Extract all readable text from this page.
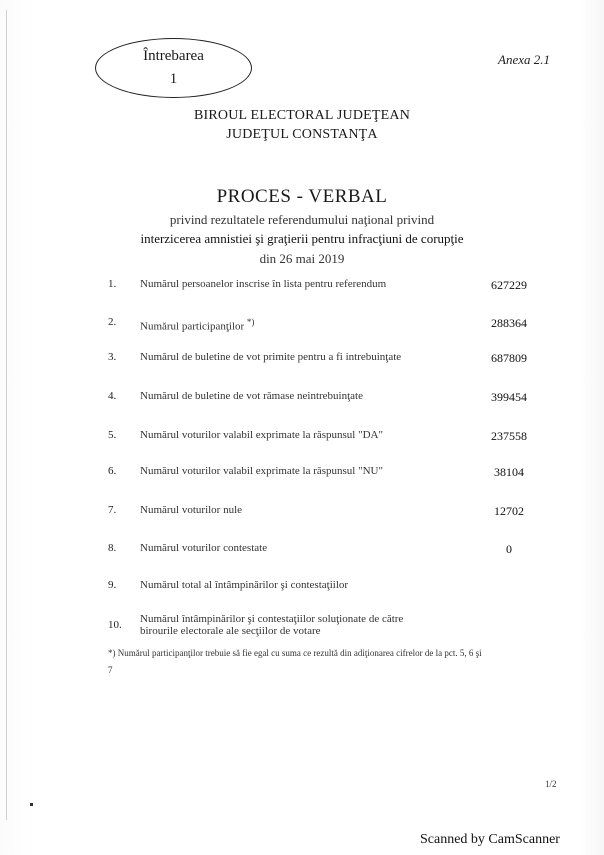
Întrebarea
1
Anexa 2.1
BIROUL ELECTORAL JUDEŢEAN
JUDEŢUL CONSTANŢA
PROCES - VERBAL
privind rezultatele referendumului naţional privind
interzicerea amnistiei şi graţierii pentru infracţiuni de corupţie
din 26 mai 2019
1. Numărul persoanelor inscrise în lista pentru referendum	627229
2. Numărul participanţilor *)	288364
3. Numărul de buletine de vot primite pentru a fi intrebuinţate	687809
4. Numărul de buletine de vot rămase neintrebuinţate	399454
5. Numărul voturilor valabil exprimate la răspunsul "DA"	237558
6. Numărul voturilor valabil exprimate la răspunsul "NU"	38104
7. Numărul voturilor nule	12702
8. Numărul voturilor contestate	0
9. Numărul total al întâmpinărilor şi contestaţiilor
10. Numărul întâmpinărilor şi contestaţiilor soluţionate de către birourile electorale ale secţiilor de votare
*) Numărul participanţilor trebuie să fie egal cu suma ce rezultă din adiţionarea cifrelor de la pct. 5, 6 şi 7
1/2
Scanned by CamScanner
